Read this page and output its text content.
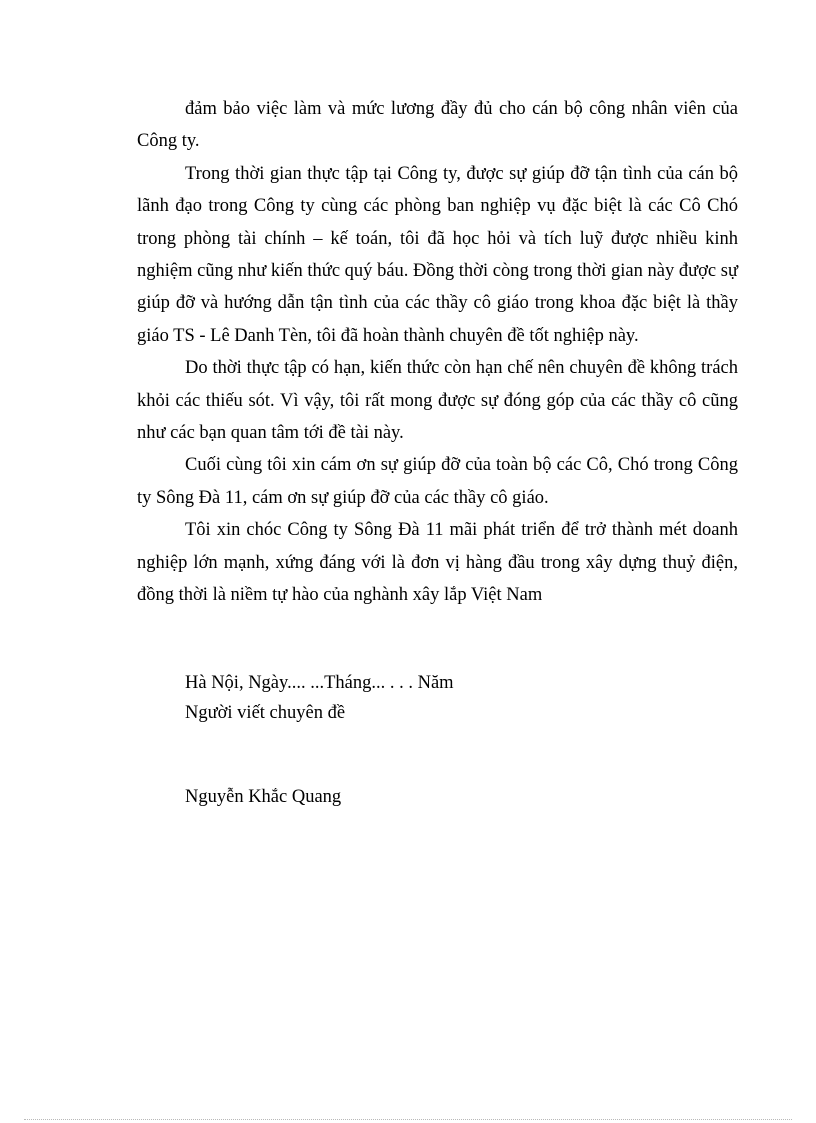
đảm bảo việc làm và mức lương đầy đủ cho cán bộ công nhân viên của Công ty.

Trong thời gian thực tập tại Công ty, được sự giúp đỡ tận tình của cán bộ lãnh đạo trong Công ty cùng các phòng ban nghiệp vụ đặc biệt là các Cô Chó trong phòng tài chính – kế toán, tôi đã học hỏi và tích luỹ được nhiều kinh nghiệm cũng như kiến thức quý báu. Đồng thời còng trong thời gian này được sự giúp đỡ và hướng dẫn tận tình của các thầy cô giáo trong khoa đặc biệt là thầy giáo TS - Lê Danh Tèn, tôi đã hoàn thành chuyên đề tốt nghiệp này.

Do thời thực tập có hạn, kiến thức còn hạn chế nên chuyên đề không trách khỏi các thiếu sót. Vì vậy, tôi rất mong được sự đóng góp của các thầy cô cũng như các bạn quan tâm tới đề tài này.

Cuối cùng tôi xin cám ơn sự giúp đỡ của toàn bộ các Cô, Chó trong Công ty Sông Đà 11, cám ơn sự giúp đỡ của các thầy cô giáo.

Tôi xin chóc Công ty Sông Đà 11 mãi phát triển để trở thành mét doanh nghiệp lớn mạnh, xứng đáng với là đơn vị hàng đầu trong xây dựng thuỷ điện, đồng thời là niềm tự hào của nghành xây lắp Việt Nam

Hà Nội, Ngày.... ...Tháng... . . . Năm
Người viết chuyên đề
Nguyễn Khắc Quang
